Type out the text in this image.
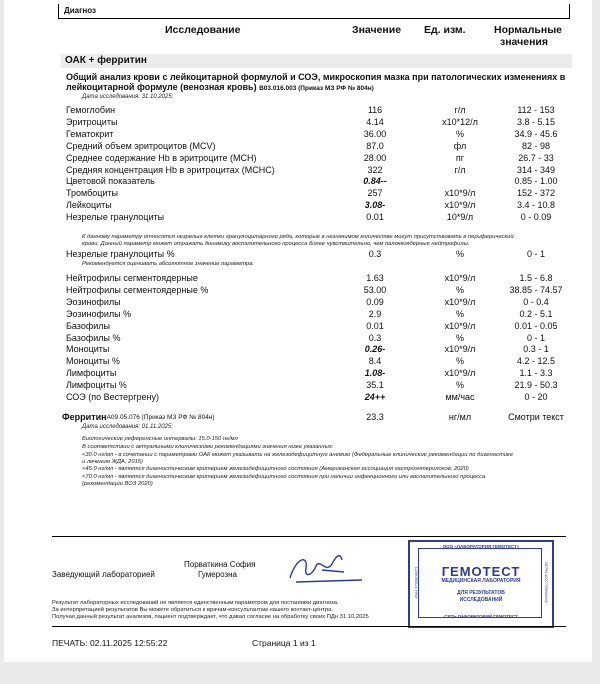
Диагноз
Исследование	Значение Ед. изм.	Нормальные
значения
ОАК + ферритин
Общий анализ крови с лейкоцитарной формулой и СОЭ, микроскопия мазка при патологических изменениях в
лейкоцитарной формуле (венозная кровь) B03.016.003 (Приказ МЗ РФ № 804н)
Дата исследования: 31.10.2025;
Гемоглобин	116	г/л	112 - 153
Эритроциты	4.14	x10*12/л	3.8 - 5.15
Гематокрит	36.00	%	34.9 - 45.6
Средний объем эритроцитов (MCV)	87.0	фл	82 - 98
Среднее содержание Hb в эритроците (MCH)	28.00	пг	26.7 - 33
Средняя концентрация Hb в эритроцитах (MCHC)	322	г/л	314 - 349
Цветовой показатель	0.84--	0.85 - 1.00
Тромбоциты	257	x10*9/л	152 - 372
Лейкоциты	3.08-	x10*9/л	3.4 - 10.8
Незрелые гранулоциты	0.01	10*9/л	0 - 0.09
К данному параметру относятся незрелые клетки гранулоцитарного ряда, которые в незначимом количестве могут присутствовать в периферической
крови. Данный параметр может отражать динамику воспалительного процесса более чувствительно, чем палочкоядерные нейтрофилы.
Незрелые гранулоциты %	0.3	%	0 - 1
Рекомендуется оценивать абсолютное значение параметра.
Нейтрофилы сегментоядерные	1.63	x10*9/л	1.5 - 6.8
Нейтрофилы сегментоядерные %	53.00	%	38.85 - 74.57
Эозинофилы	0.09	x10*9/л	0 - 0.4
Эозинофилы %	2.9	%	0.2 - 5.1
Базофилы	0.01	x10*9/л	0.01 - 0.05
Базофилы %	0.3	%	0 - 1
Моноциты	0.26-	x10*9/л	0.3 - 1
Моноциты %	8.4	%	4.2 - 12.5
Лимфоциты	1.08-	x10*9/л	1.1 - 3.3
Лимфоциты %	35.1	%	21.9 - 50.3
СОЭ (по Вестергрену)	24++	мм/час	0 - 20
Ферритин A09.05.076 (Приказ МЗ РФ № 804н)	23.3	нг/мл	Смотри текст
Дата исследования: 01.11.2025;
Биологические референсные интервалы: 15.0-150 нг/мл
В соответствии с актуальными клиническими рекомендациями значения ниже указанных:
<30.0 нг/мл - в сочетании с параметрами ОАК может указывать на железодефицитную анемию (Федеральные клинические рекомендации по диагностике
и лечению ЖДА, 2015)
<45.0 нг/мл - является диагностическим критерием железодефицитного состояния (Американская ассоциация гастроэнтерологов, 2020)
<70.0 нг/мл - является диагностическим критерием железодефицитного состояния при наличии инфекционного или воспалительного процесса
(рекомендации ВОЗ 2020)
Заведующий лабораторией
Порваткина София
Гумерозна
ООО «ЛАБОРАТОРИЯ ГЕМОТЕСТ»
ГЕМОТЕСТ
МЕДИЦИНСКАЯ ЛАБОРАТОРИЯ
ДЛЯ РЕЗУЛЬТАТОВ
ИССЛЕДОВАНИЙ
СЕТЬ ЛАБОРАТОРИЙ ГЕМОТЕСТ
ИНН 7706808371	ОГРН 1027739000642
Результат лабораторных исследований не является единственным параметром для постановки диагноза.
За интерпретацией результатов Вы можете обратиться к врачам-консультантам нашего контакт-центра.
Получая данный результат анализов, пациент подтверждает, что давал согласие на обработку своих ПДн 31.10.2025
ПЕЧАТЬ: 02.11.2025 12:55:22	Страница 1 из 1
